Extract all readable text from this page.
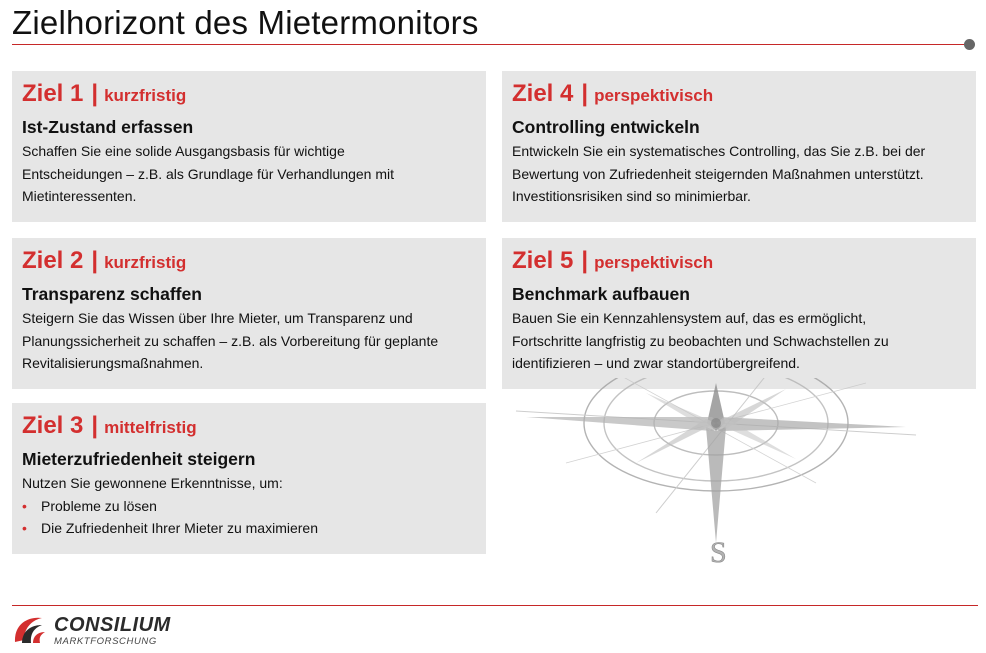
Zielhorizont des Mietermonitors
Ziel 1 | kurzfristig
Ist-Zustand erfassen
Schaffen Sie eine solide Ausgangsbasis für wichtige Entscheidungen – z.B. als Grundlage für Verhandlungen mit Mietinteressenten.
Ziel 2 | kurzfristig
Transparenz schaffen
Steigern Sie das Wissen über Ihre Mieter, um Transparenz und Planungssicherheit zu schaffen – z.B. als Vorbereitung für geplante Revitalisierungsmaßnahmen.
Ziel 3 | mittelfristig
Mieterzufriedenheit steigern
Nutzen Sie gewonnene Erkenntnisse, um:
• Probleme zu lösen
• Die Zufriedenheit Ihrer Mieter zu maximieren
Ziel 4 | perspektivisch
Controlling entwickeln
Entwickeln Sie ein systematisches Controlling, das Sie z.B. bei der Bewertung von Zufriedenheit steigernden Maßnahmen unterstützt. Investitionsrisiken sind so minimierbar.
Ziel 5 | perspektivisch
Benchmark aufbauen
Bauen Sie ein Kennzahlensystem auf, das es ermöglicht, Fortschritte langfristig zu beobachten und Schwachstellen zu identifizieren – und zwar standortübergreifend.
S
CONSILIUM
MARKTFORSCHUNG
